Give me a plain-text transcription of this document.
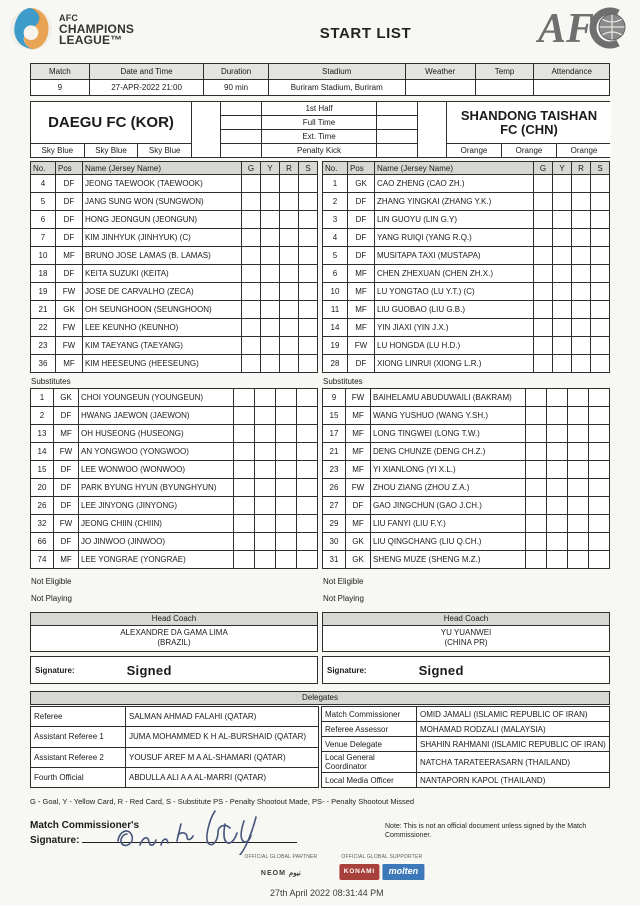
AFC
CHAMPIONS
LEAGUE™	START LIST	AF
Match	Date and Time	Duration	Stadium	Weather	Temp	Attendance
9	27-APR-2022 21:00	90 min	Buriram Stadium, Buriram			
DAEGU FC (KOR)
Sky Blue	Sky Blue	Sky Blue
1st Half
Full Time
Ext. Time
Penalty Kick
SHANDONG TAISHAN FC (CHN)
Orange	Orange	Orange
No.	Pos	Name (Jersey Name)	G	Y	R	S
4	DF	JEONG TAEWOOK (TAEWOOK)				
5	DF	JANG SUNG WON (SUNGWON)				
6	DF	HONG JEONGUN (JEONGUN)				
7	DF	KIM JINHYUK (JINHYUK) (C)				
10	MF	BRUNO JOSE LAMAS (B. LAMAS)				
18	DF	KEITA SUZUKI (KEITA)				
19	FW	JOSE DE CARVALHO (ZECA)				
21	GK	OH SEUNGHOON (SEUNGHOON)				
22	FW	LEE KEUNHO (KEUNHO)				
23	FW	KIM TAEYANG (TAEYANG)				
36	MF	KIM HEESEUNG (HEESEUNG)				
Substitutes
1	GK	CHOI YOUNGEUN (YOUNGEUN)				
2	DF	HWANG JAEWON (JAEWON)				
13	MF	OH HUSEONG (HUSEONG)				
14	FW	AN YONGWOO (YONGWOO)				
15	DF	LEE WONWOO (WONWOO)				
20	DF	PARK BYUNG HYUN (BYUNGHYUN)				
26	DF	LEE JINYONG (JINYONG)				
32	FW	JEONG CHIIN (CHIIN)				
66	DF	JO JINWOO (JINWOO)				
74	MF	LEE YONGRAE (YONGRAE)				
Not Eligible
Not Playing
No.	Pos	Name (Jersey Name)	G	Y	R	S
1	GK	CAO ZHENG (CAO ZH.)				
2	DF	ZHANG YINGKAI (ZHANG Y.K.)				
3	DF	LIN GUOYU (LIN G.Y)				
4	DF	YANG RUIQI (YANG R.Q.)				
5	DF	MUSITAPA TAXI (MUSTAPA)				
6	MF	CHEN ZHEXUAN (CHEN ZH.X.)				
10	MF	LU YONGTAO (LU Y.T.) (C)				
11	MF	LIU GUOBAO (LIU G.B.)				
14	MF	YIN JIAXI (YIN J.X.)				
19	FW	LU HONGDA (LU H.D.)				
28	DF	XIONG LINRUI (XIONG L.R.)				
Substitutes
9	FW	BAIHELAMU ABUDUWAILI (BAKRAM)				
15	MF	WANG YUSHUO (WANG Y.SH.)				
17	MF	LONG TINGWEI (LONG T.W.)				
21	MF	DENG CHUNZE (DENG CH.Z.)				
23	MF	YI XIANLONG (YI X.L.)				
26	FW	ZHOU ZIANG (ZHOU Z.A.)				
27	DF	GAO JINGCHUN (GAO J.CH.)				
29	MF	LIU FANYI (LIU F.Y.)				
30	GK	LIU QINGCHANG (LIU Q.CH.)				
31	GK	SHENG MUZE (SHENG M.Z.)				
Not Eligible
Not Playing
Head Coach
ALEXANDRE DA GAMA LIMA
(BRAZIL)
Signature:	Signed
Head Coach
YU YUANWEI
(CHINA PR)
Signature:	Signed
Delegates
Referee	SALMAN AHMAD FALAHI (QATAR)
Assistant Referee 1	JUMA MOHAMMED K H AL-BURSHAID (QATAR)
Assistant Referee 2	YOUSUF AREF M A AL-SHAMARI (QATAR)
Fourth Official	ABDULLA ALI A A AL-MARRI (QATAR)
Match Commissioner	OMID JAMALI (ISLAMIC REPUBLIC OF IRAN)
Referee Assessor	MOHAMAD RODZALI (MALAYSIA)
Venue Delegate	SHAHIN RAHMANI (ISLAMIC REPUBLIC OF IRAN)
Local General Coordinator	NATCHA TARATEERASARN (THAILAND)
Local Media Officer	NANTAPORN KAPOL (THAILAND)
G - Goal, Y - Yellow Card, R - Red Card, S - Substitute PS - Penalty Shootout Made, PS- - Penalty Shootout Missed
Match Commissioner's
Signature:
Note: This is not an official document unless signed by the Match Commissioner.
OFFICIAL GLOBAL PARTNER
NEOM نيوم
OFFICIAL GLOBAL SUPPORTER
KONAMI	molten
27th April 2022 08:31:44 PM
